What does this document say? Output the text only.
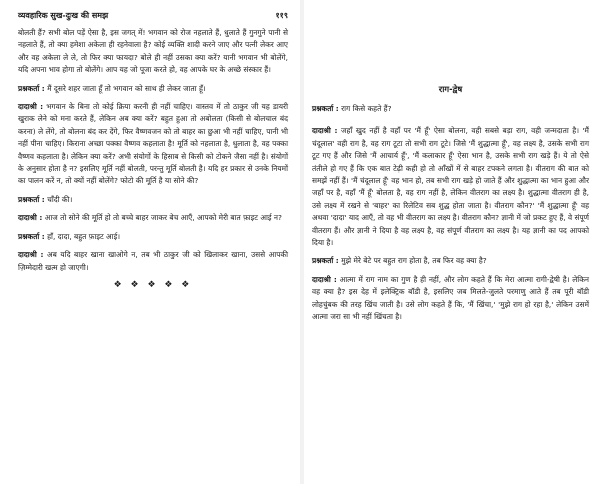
व्यवहारिक सुख-दुःख की समझ	११९

बोलती हैं? सभी बोल पड़ें ऐसा है, इस जगत् में! भगवान को रोज नहलाते हैं, धुलाते हैं गुनगुने पानी से नहलाते हैं, तो क्या हमेशा अकेला ही रहनेवाला है? कोई व्यक्ति शादी करने जाए और पत्नी लेकर आए और वह अकेला ले ले, तो फिर क्या फायदा? बोले ही नहीं उसका क्या करें? यानी भगवान भी बोलेंगे, यदि अपना भाव होगा तो बोलेंगे। आप यह जो पूजा करते हो, वह आपके घर के अच्छे संस्कार हैं।

प्रश्नकर्ता : मैं दूसरे शहर जाता हूँ तो भगवान को साथ ही लेकर जाता हूँ।

दादाश्री : भगवान के बिना तो कोई क्रिया करनी ही नहीं चाहिए। वास्तव में तो ठाकुर जी यह डायरी खुराक लेने को मना करते हैं, लेकिन अब क्या करें? बहुत हुआ तो अबोलता (किसी से बोलचाल बंद करना) ले लेंगे, तो बोलना बंद कर देंगे, फिर वैष्णवजन को तो बाहर का छुआ भी नहीं चाहिए, पानी भी नहीं पीना चाहिए। किराना अच्छा पक्का वैष्णव कहलाता है! मूर्ति को नहलाता है, धुलाता है, वह पक्का वैष्णव कहलाता है। लेकिन क्या करें? अभी संयोगों के हिसाब से किसी को टोकने जैसा नहीं है। संयोगों के अनुसार होता है न? इसलिए मूर्ति नहीं बोलती, परन्तु मूर्ति बोलती है। यदि हर प्रकार से उनके नियमों का पालन करें न, तो क्यों नहीं बोलेंगे? फोटो की मूर्ति है या सोने की?

प्रश्नकर्ता : चाँदी की।

दादाश्री : आज तो सोने की मूर्ति हो तो बच्चे बाहर जाकर बेच आएँ, आपको मेरी बात फ़ाइट आई न?

प्रश्नकर्ता : हाँ, दादा, बहुत फ़ाइट आई।

दादाश्री : अब यदि बाहर खाना खाओगे न, तब भी ठाकुर जी को खिलाकर खाना, उससे आपकी ज़िम्मेदारी खत्म हो जाएगी।

❖ ❖ ❖ ❖ ❖
राग-द्वेष

प्रश्नकर्ता : राग किसे कहते हैं?

दादाश्री : जहाँ खुद नहीं है वहाँ पर 'मैं हूँ' ऐसा बोलना, वही सबसे बड़ा राग, वही जन्मदाता है। 'मैं चंदूलाल' वही राग है, वह राग टूटा तो सभी राग टूटे। जिसे 'मैं शुद्धात्मा हूँ', वह लक्ष्य है, उसके सभी राग टूट गए हैं और जिसे 'मैं आचार्य हूँ', 'मैं कलाकार हूँ' ऐसा भान है, उसके सभी राग खड़े हैं। ये तो ऐसे तंतीले हो गए हैं कि एक बात टेढ़ी कही हो तो आँखों में से बाहर टपकने लगता है। वीतराग की बात को समझें नहीं हैं। 'मैं चंदूलाल हूँ' वह भान हो, तब सभी राग खड़े हो जाते हैं और शुद्धात्मा का भान हुआ और जहाँ पर है, वहाँ 'मैं हूँ' बोलता है, वह राग नहीं है, लेकिन वीतराग का लक्ष्य है। शुद्धात्मा वीतराग ही है, उसे लक्ष्य में रखने से 'बाहर' का रिलेटिव सब शुद्ध होता जाता है। वीतराग कौन?' 'मैं शुद्धात्मा हूँ' वह अथवा 'दादा' याद आएँ, तो वह भी वीतराग का लक्ष्य है। वीतराग कौन? ज्ञानी में जो प्रकट हुए हैं, वे संपूर्ण वीतराग हैं। और ज्ञानी ने दिया है वह लक्ष्य है, वह संपूर्ण वीतराग का लक्ष्य है। यह ज्ञानी का पद आपको दिया है।

प्रश्नकर्ता : मुझे मेरे बेटे पर बहुत राग होता है, तब फिर वह क्या है?

दादाश्री : आत्मा में राग नाम का गुण है ही नहीं, और लोग कहते हैं कि मेरा आत्मा रागी-द्वेषी है। लेकिन वह क्या है? इस देह में इलेक्ट्रिक बॉडी है, इसलिए जब मिलते-जुलते परमाणु आते हैं तब पूरी बॉडी लोहचुंबक की तरह खिंच जाती है। उसे लोग कहते हैं कि, 'मैं खिंचा,' 'मुझे राग हो रहा है,' लेकिन उसमें आत्मा जरा सा भी नहीं खिंचता है।
